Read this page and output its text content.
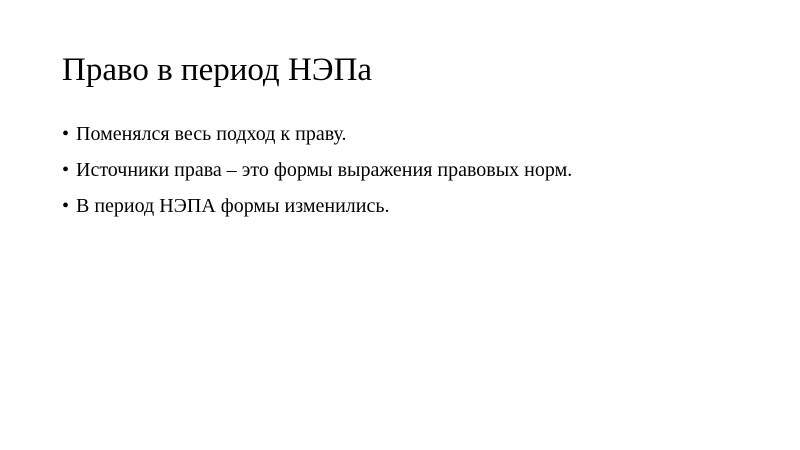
Право в период НЭПа
• Поменялся весь подход к праву.
• Источники права – это формы выражения правовых норм.
• В период НЭПА формы изменились.
